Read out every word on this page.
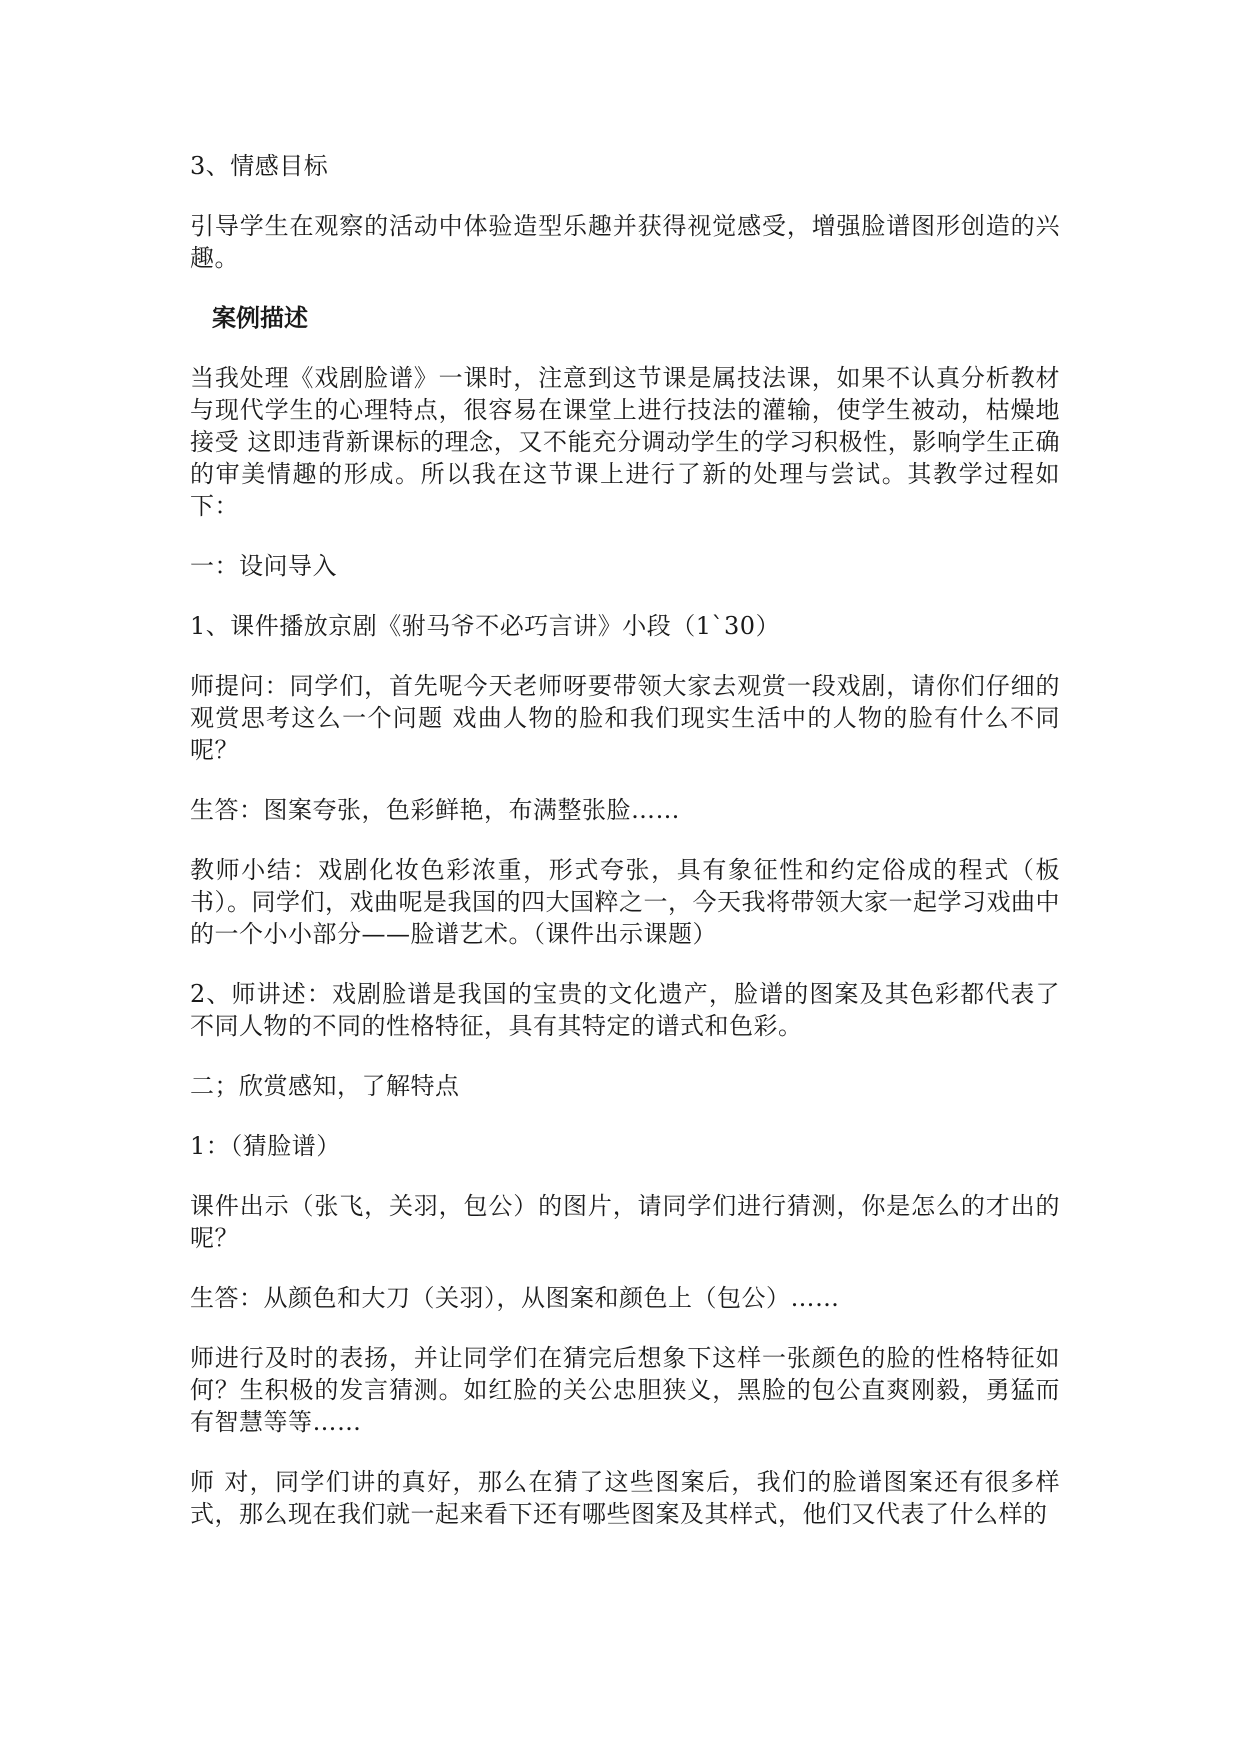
3、情感目标

引导学生在观察的活动中体验造型乐趣并获得视觉感受，增强脸谱图形创造的兴趣。

案例描述

当我处理《戏剧脸谱》一课时，注意到这节课是属技法课，如果不认真分析教材与现代学生的心理特点，很容易在课堂上进行技法的灌输，使学生被动，枯燥地接受 这即违背新课标的理念，又不能充分调动学生的学习积极性，影响学生正确的审美情趣的形成。所以我在这节课上进行了新的处理与尝试。其教学过程如下：

一：设问导入

1、课件播放京剧《驸马爷不必巧言讲》小段（1`30）

师提问：同学们，首先呢今天老师呀要带领大家去观赏一段戏剧，请你们仔细的观赏思考这么一个问题 戏曲人物的脸和我们现实生活中的人物的脸有什么不同呢？

生答：图案夸张，色彩鲜艳，布满整张脸……

教师小结：戏剧化妆色彩浓重，形式夸张，具有象征性和约定俗成的程式（板书）。同学们，戏曲呢是我国的四大国粹之一，今天我将带领大家一起学习戏曲中的一个小小部分——脸谱艺术。（课件出示课题）

2、师讲述：戏剧脸谱是我国的宝贵的文化遗产，脸谱的图案及其色彩都代表了不同人物的不同的性格特征，具有其特定的谱式和色彩。

二；欣赏感知，了解特点

1：（猜脸谱）

课件出示（张飞，关羽，包公）的图片，请同学们进行猜测，你是怎么的才出的呢？

生答：从颜色和大刀（关羽），从图案和颜色上（包公）……

师进行及时的表扬，并让同学们在猜完后想象下这样一张颜色的脸的性格特征如何？生积极的发言猜测。如红脸的关公忠胆狭义，黑脸的包公直爽刚毅，勇猛而有智慧等等……

师 对，同学们讲的真好，那么在猜了这些图案后，我们的脸谱图案还有很多样式，那么现在我们就一起来看下还有哪些图案及其样式，他们又代表了什么样的
